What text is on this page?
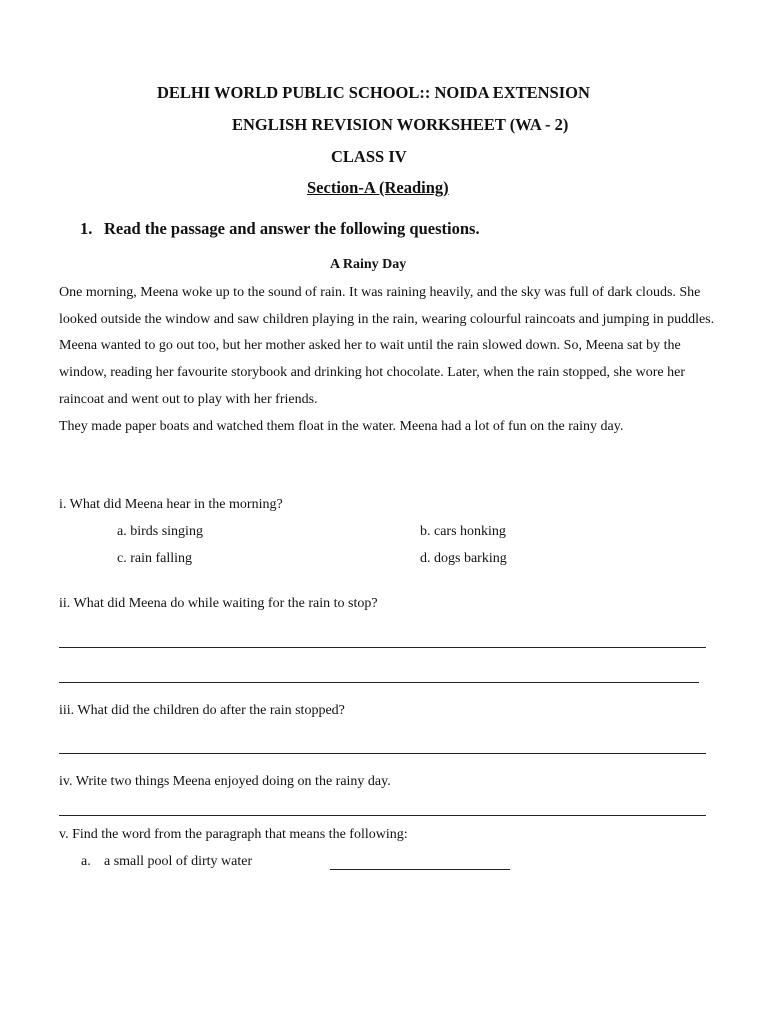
DELHI WORLD PUBLIC SCHOOL:: NOIDA EXTENSION
ENGLISH REVISION WORKSHEET (WA - 2)
CLASS IV
Section-A (Reading)
1. Read the passage and answer the following questions.
A Rainy Day

One morning, Meena woke up to the sound of rain. It was raining heavily, and the sky was full of dark clouds. She looked outside the window and saw children playing in the rain, wearing colourful raincoats and jumping in puddles.

Meena wanted to go out too, but her mother asked her to wait until the rain slowed down. So, Meena sat by the window, reading her favourite storybook and drinking hot chocolate. Later, when the rain stopped, she wore her raincoat and went out to play with her friends.

They made paper boats and watched them float in the water. Meena had a lot of fun on the rainy day.

i. What did Meena hear in the morning?
a. birds singing	b. cars honking
c. rain falling	d. dogs barking
ii. What did Meena do while waiting for the rain to stop?
iii. What did the children do after the rain stopped?
iv. Write two things Meena enjoyed doing on the rainy day.
v. Find the word from the paragraph that means the following:
a. a small pool of dirty water
